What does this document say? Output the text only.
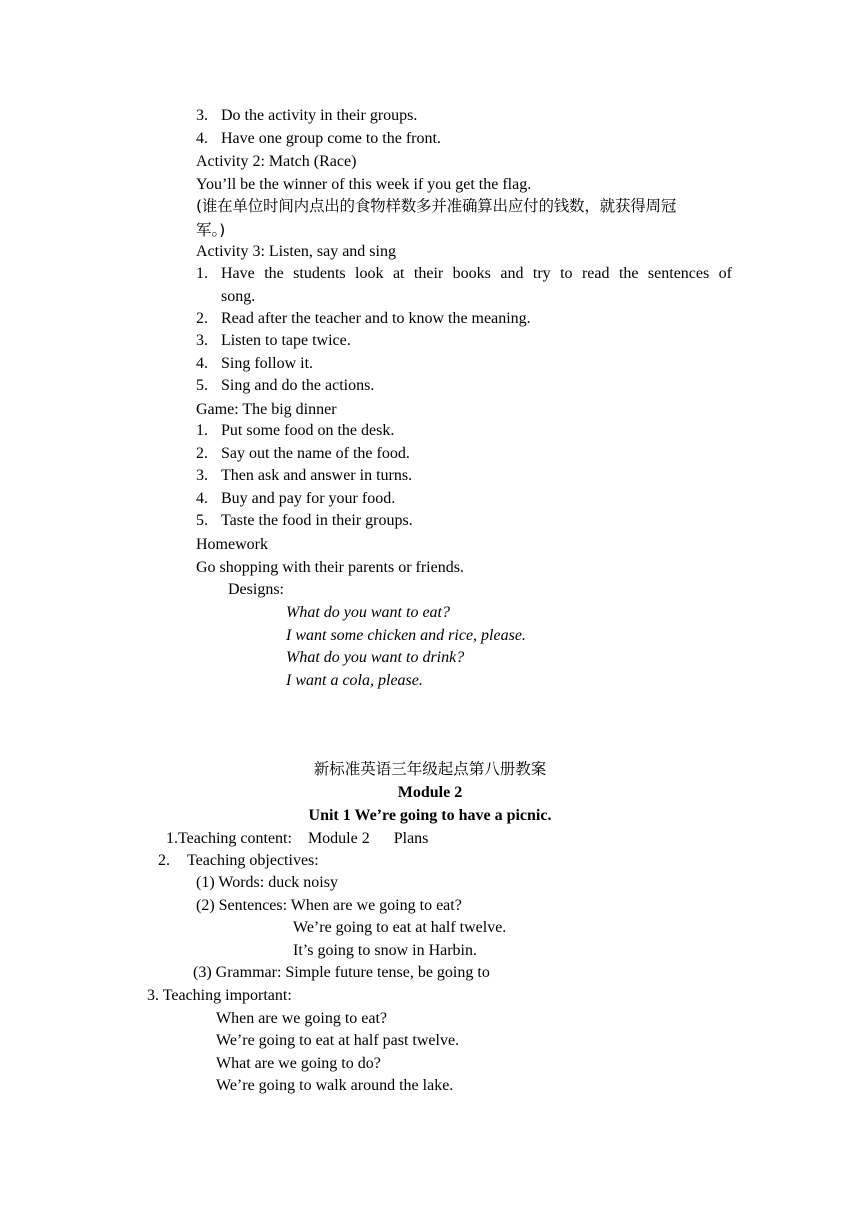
3. Do the activity in their groups.
4. Have one group come to the front.
Activity 2: Match (Race)
You’ll be the winner of this week if you get the flag.
(谁在单位时间内点出的食物样数多并准确算出应付的钱数，就获得周冠
军。)
Activity 3: Listen, say and sing
1. Have the students look at their books and try to read the sentences of
song.
2. Read after the teacher and to know the meaning.
3. Listen to tape twice.
4. Sing follow it.
5. Sing and do the actions.
Game: The big dinner
1. Put some food on the desk.
2. Say out the name of the food.
3. Then ask and answer in turns.
4. Buy and pay for your food.
5. Taste the food in their groups.
Homework
Go shopping with their parents or friends.
Designs:
What do you want to eat?
I want some chicken and rice, please.
What do you want to drink?
I want a cola, please.
新标准英语三年级起点第八册教案
Module 2
Unit 1 We’re going to have a picnic.
1.Teaching content:    Module 2      Plans
2. Teaching objectives:
(1) Words: duck noisy
(2) Sentences: When are we going to eat?
We’re going to eat at half twelve.
It’s going to snow in Harbin.
(3) Grammar: Simple future tense, be going to
3. Teaching important:
When are we going to eat?
We’re going to eat at half past twelve.
What are we going to do?
We’re going to walk around the lake.
